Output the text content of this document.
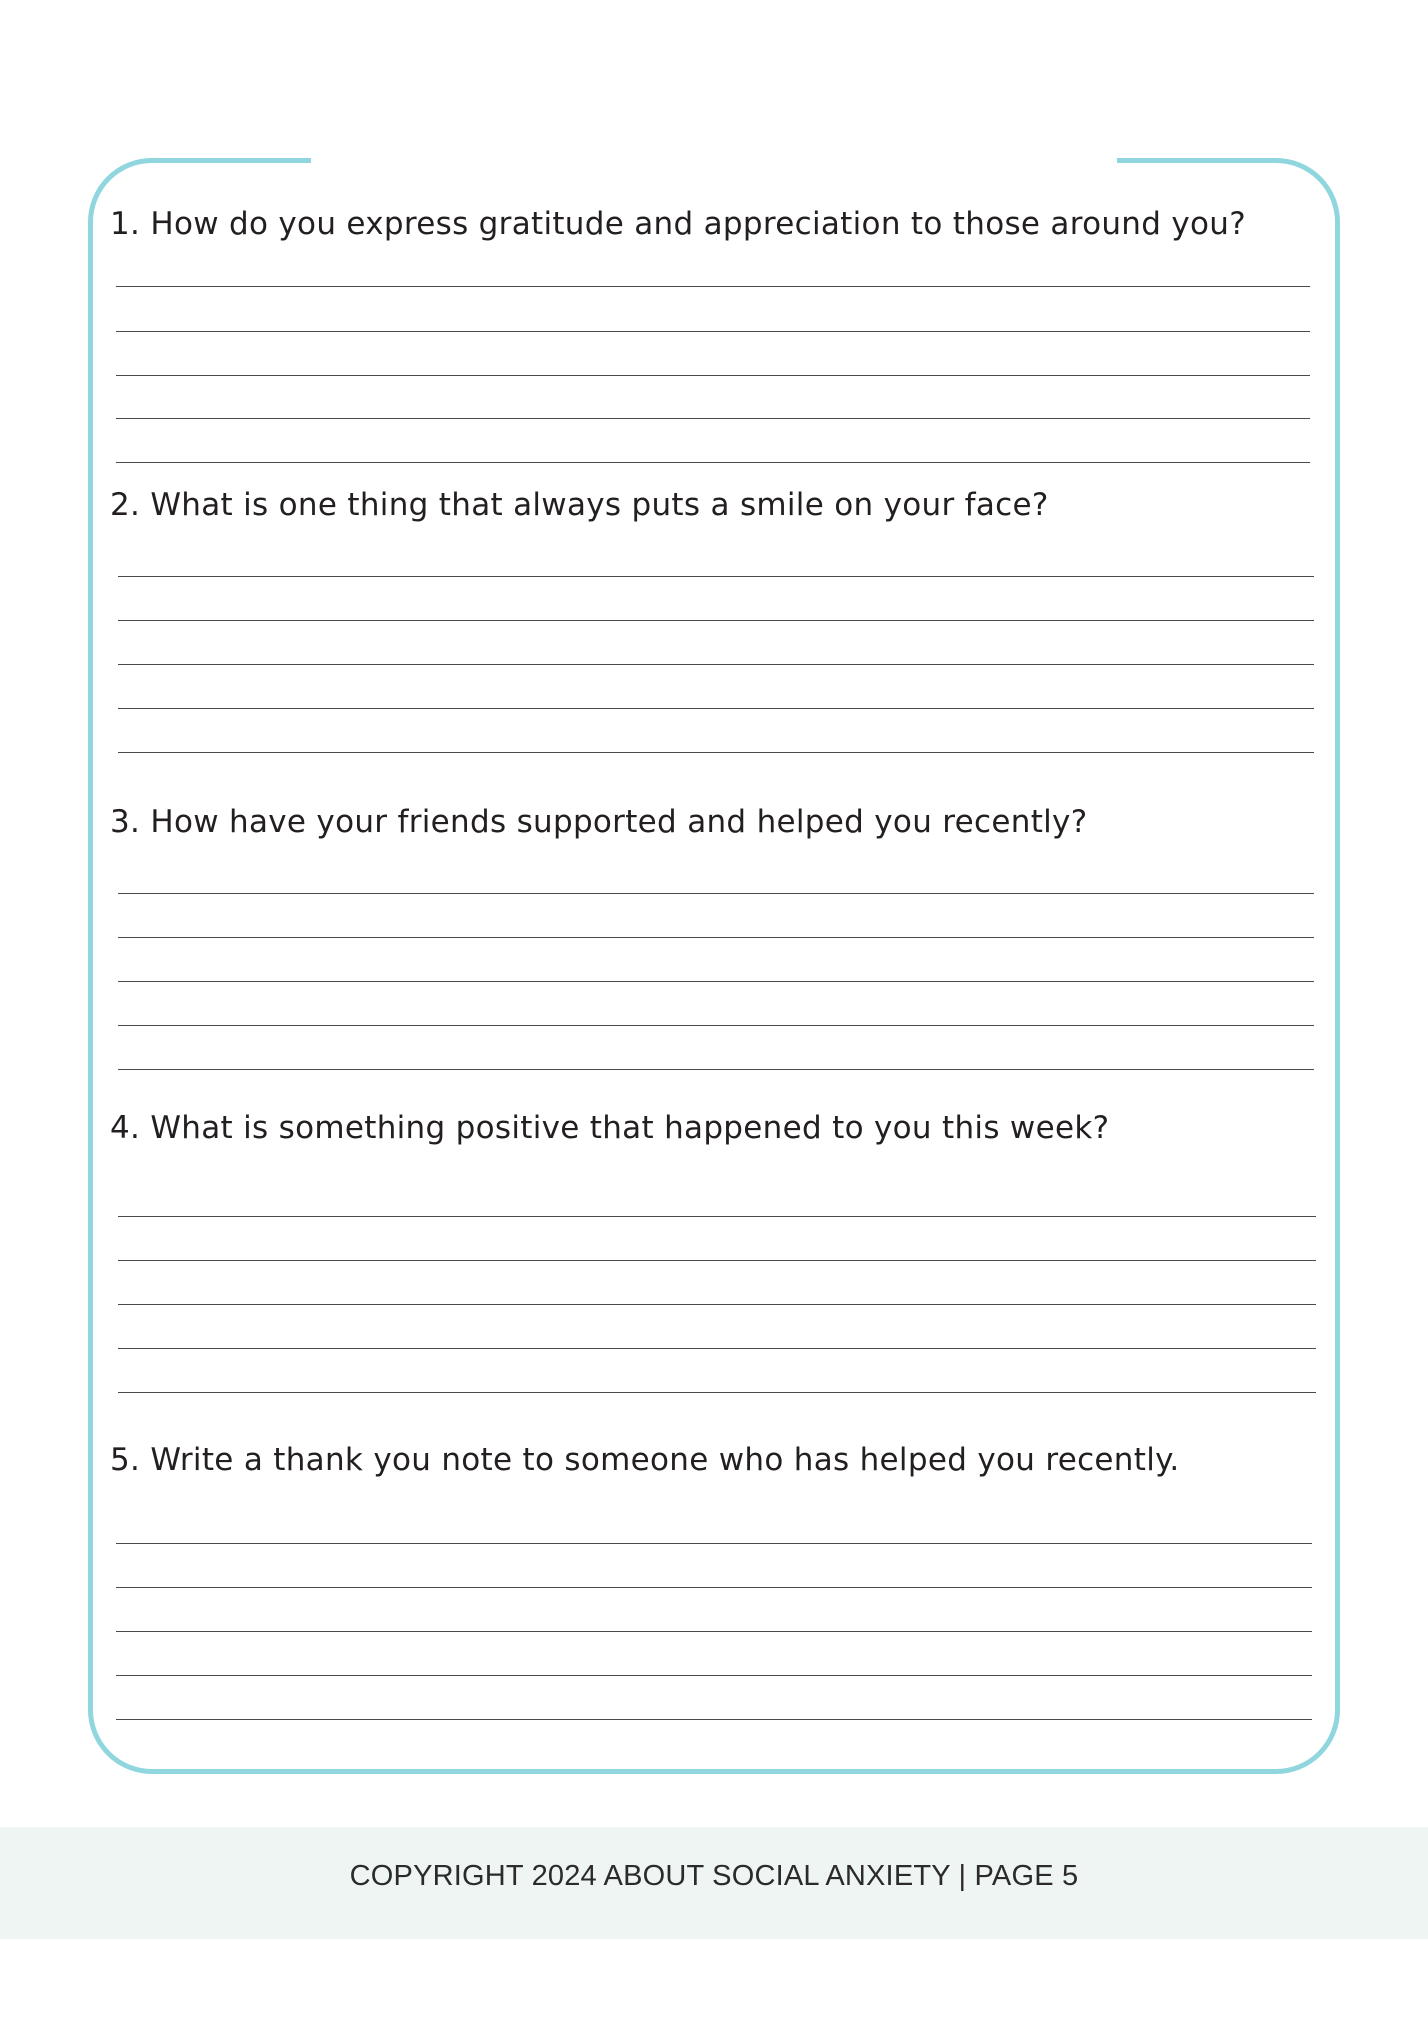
1. How do you express gratitude and appreciation to those around you?
2. What is one thing that always puts a smile on your face?
3. How have your friends supported and helped you recently?
4. What is something positive that happened to you this week?
5. Write a thank you note to someone who has helped you recently.
COPYRIGHT 2024 ABOUT SOCIAL ANXIETY | PAGE 5
